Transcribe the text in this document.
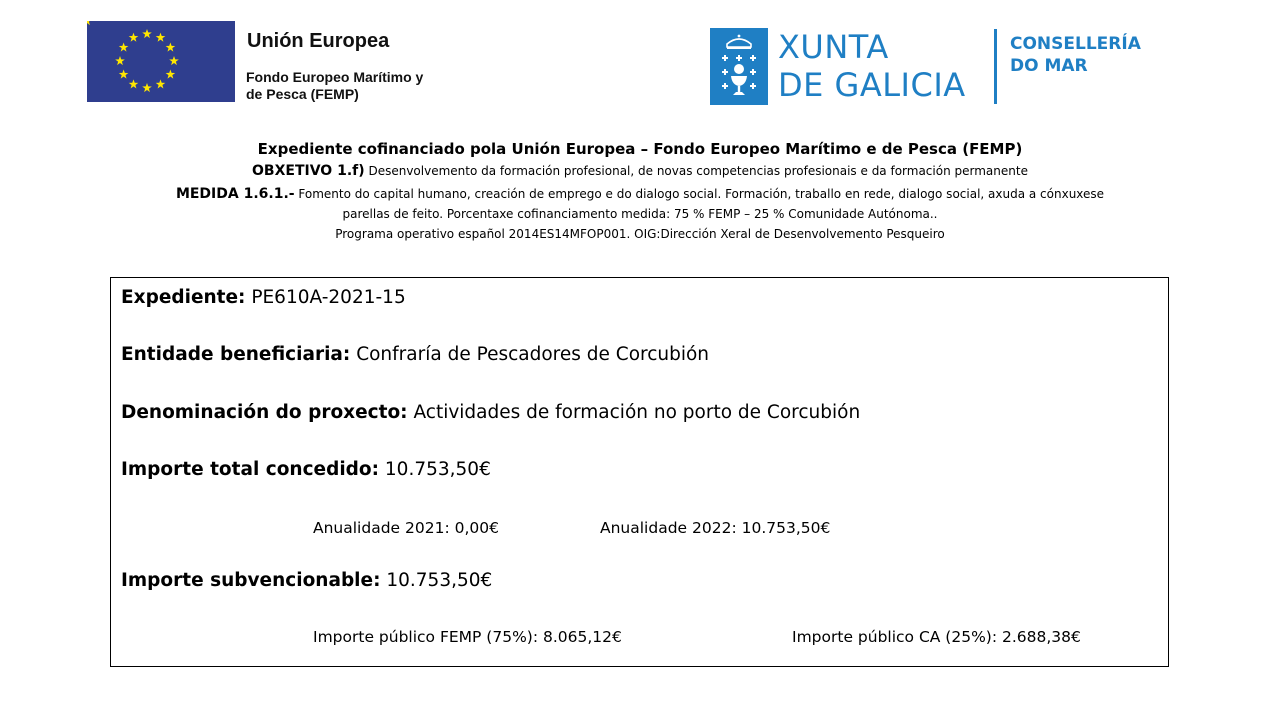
Unión Europea
Fondo Europeo Marítimo y
de Pesca (FEMP)
XUNTA
DE GALICIA
CONSELLERÍA
DO MAR
Expediente cofinanciado pola Unión Europea – Fondo Europeo Marítimo e de Pesca (FEMP)
OBXETIVO 1.f) Desenvolvemento da formación profesional, de novas competencias profesionais e da formación permanente
MEDIDA 1.6.1.- Fomento do capital humano, creación de emprego e do dialogo social. Formación, traballo en rede, dialogo social, axuda a cónxuxese
parellas de feito. Porcentaxe cofinanciamento medida: 75 % FEMP – 25 % Comunidade Autónoma..
Programa operativo español 2014ES14MFOP001. OIG:Dirección Xeral de Desenvolvemento Pesqueiro
Expediente: PE610A-2021-15
Entidade beneficiaria: Confraría de Pescadores de Corcubión
Denominación do proxecto: Actividades de formación no porto de Corcubión
Importe total concedido: 10.753,50€
Anualidade 2021: 0,00€	Anualidade 2022: 10.753,50€
Importe subvencionable: 10.753,50€
Importe público FEMP (75%): 8.065,12€	Importe público CA (25%): 2.688,38€
